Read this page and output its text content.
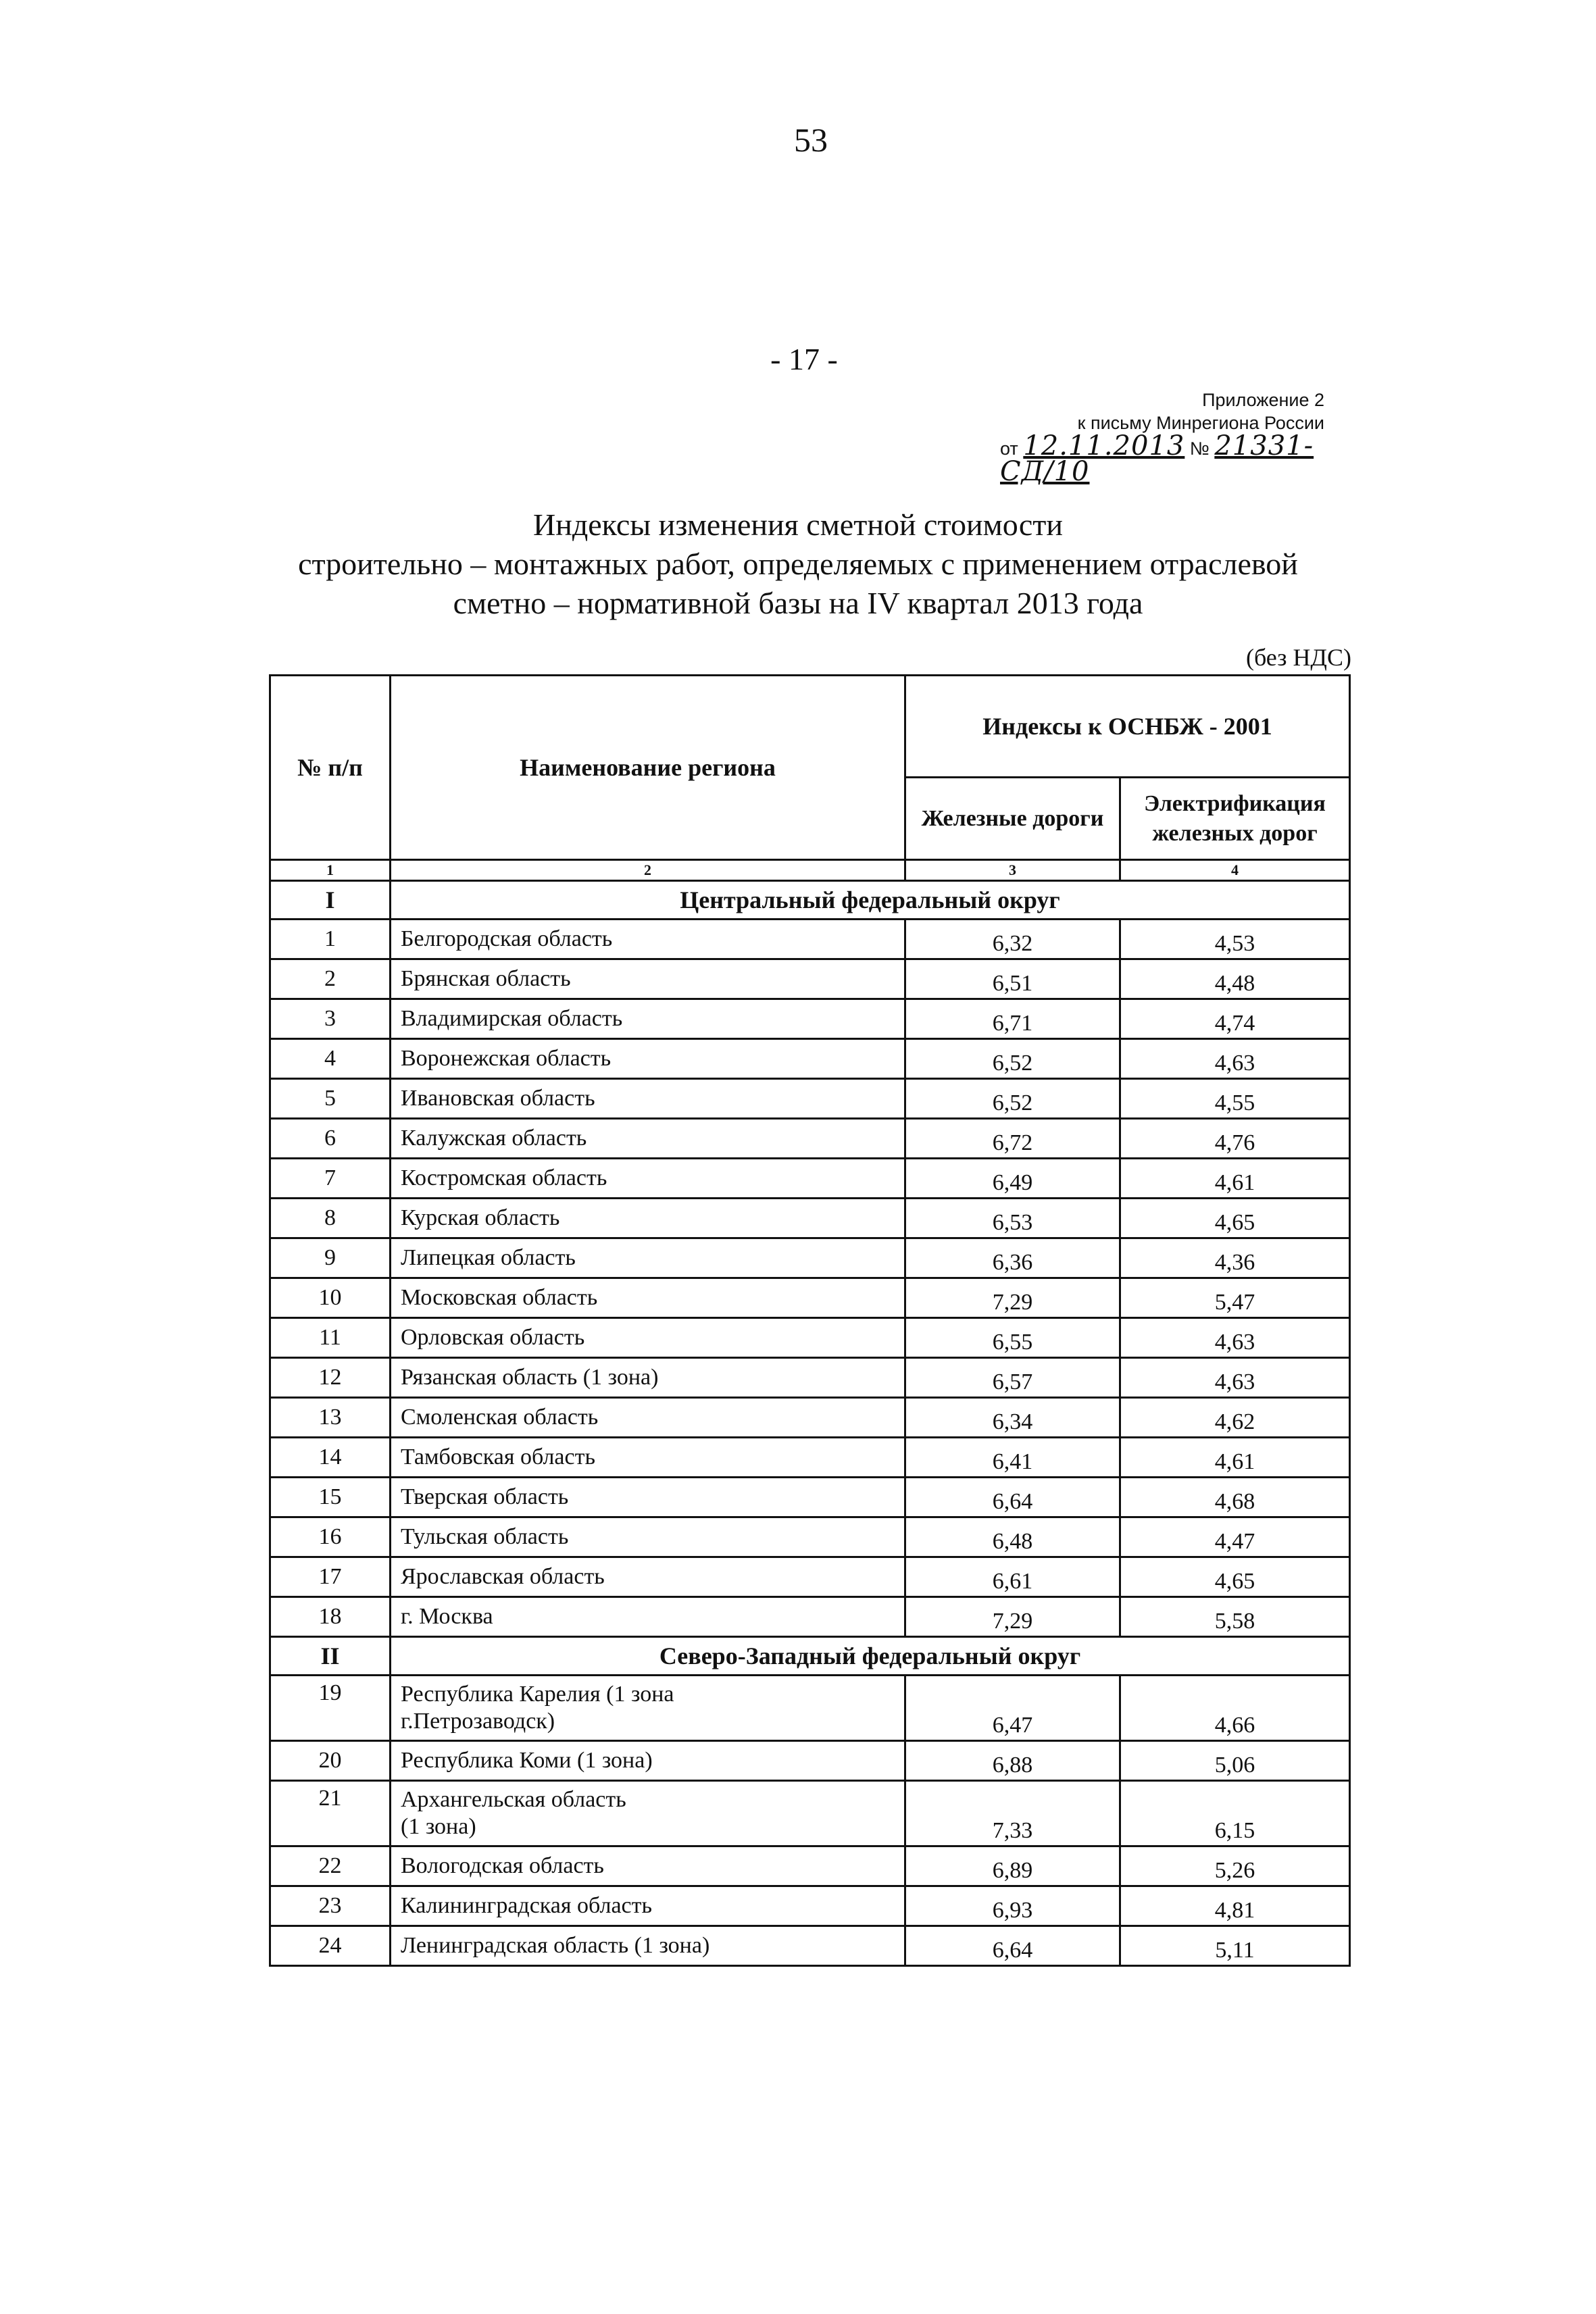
53
- 17 -
Приложение 2
к письму Минрегиона России
от 12.11.2013 № 21331-СД/10
Индексы изменения сметной стоимости
строительно – монтажных работ, определяемых с применением отраслевой
сметно – нормативной базы на IV квартал 2013 года
(без НДС)
№ п/п	Наименование региона	Индексы к ОСНБЖ - 2001	
		Железные дороги	Электрификация железных дорог
1	2	3	4
I	Центральный федеральный округ		
1	Белгородская область	6,32	4,53
2	Брянская область	6,51	4,48
3	Владимирская область	6,71	4,74
4	Воронежская область	6,52	4,63
5	Ивановская область	6,52	4,55
6	Калужская область	6,72	4,76
7	Костромская область	6,49	4,61
8	Курская область	6,53	4,65
9	Липецкая область	6,36	4,36
10	Московская область	7,29	5,47
11	Орловская область	6,55	4,63
12	Рязанская область (1 зона)	6,57	4,63
13	Смоленская область	6,34	4,62
14	Тамбовская область	6,41	4,61
15	Тверская область	6,64	4,68
16	Тульская область	6,48	4,47
17	Ярославская область	6,61	4,65
18	г. Москва	7,29	5,58
II	Северо-Западный федеральный округ		
19	Республика Карелия (1 зона
г.Петрозаводск)	6,47	4,66
20	Республика Коми (1 зона)	6,88	5,06
21	Архангельская область
(1 зона)	7,33	6,15
22	Вологодская область	6,89	5,26
23	Калининградская область	6,93	4,81
24	Ленинградская область (1 зона)	6,64	5,11
